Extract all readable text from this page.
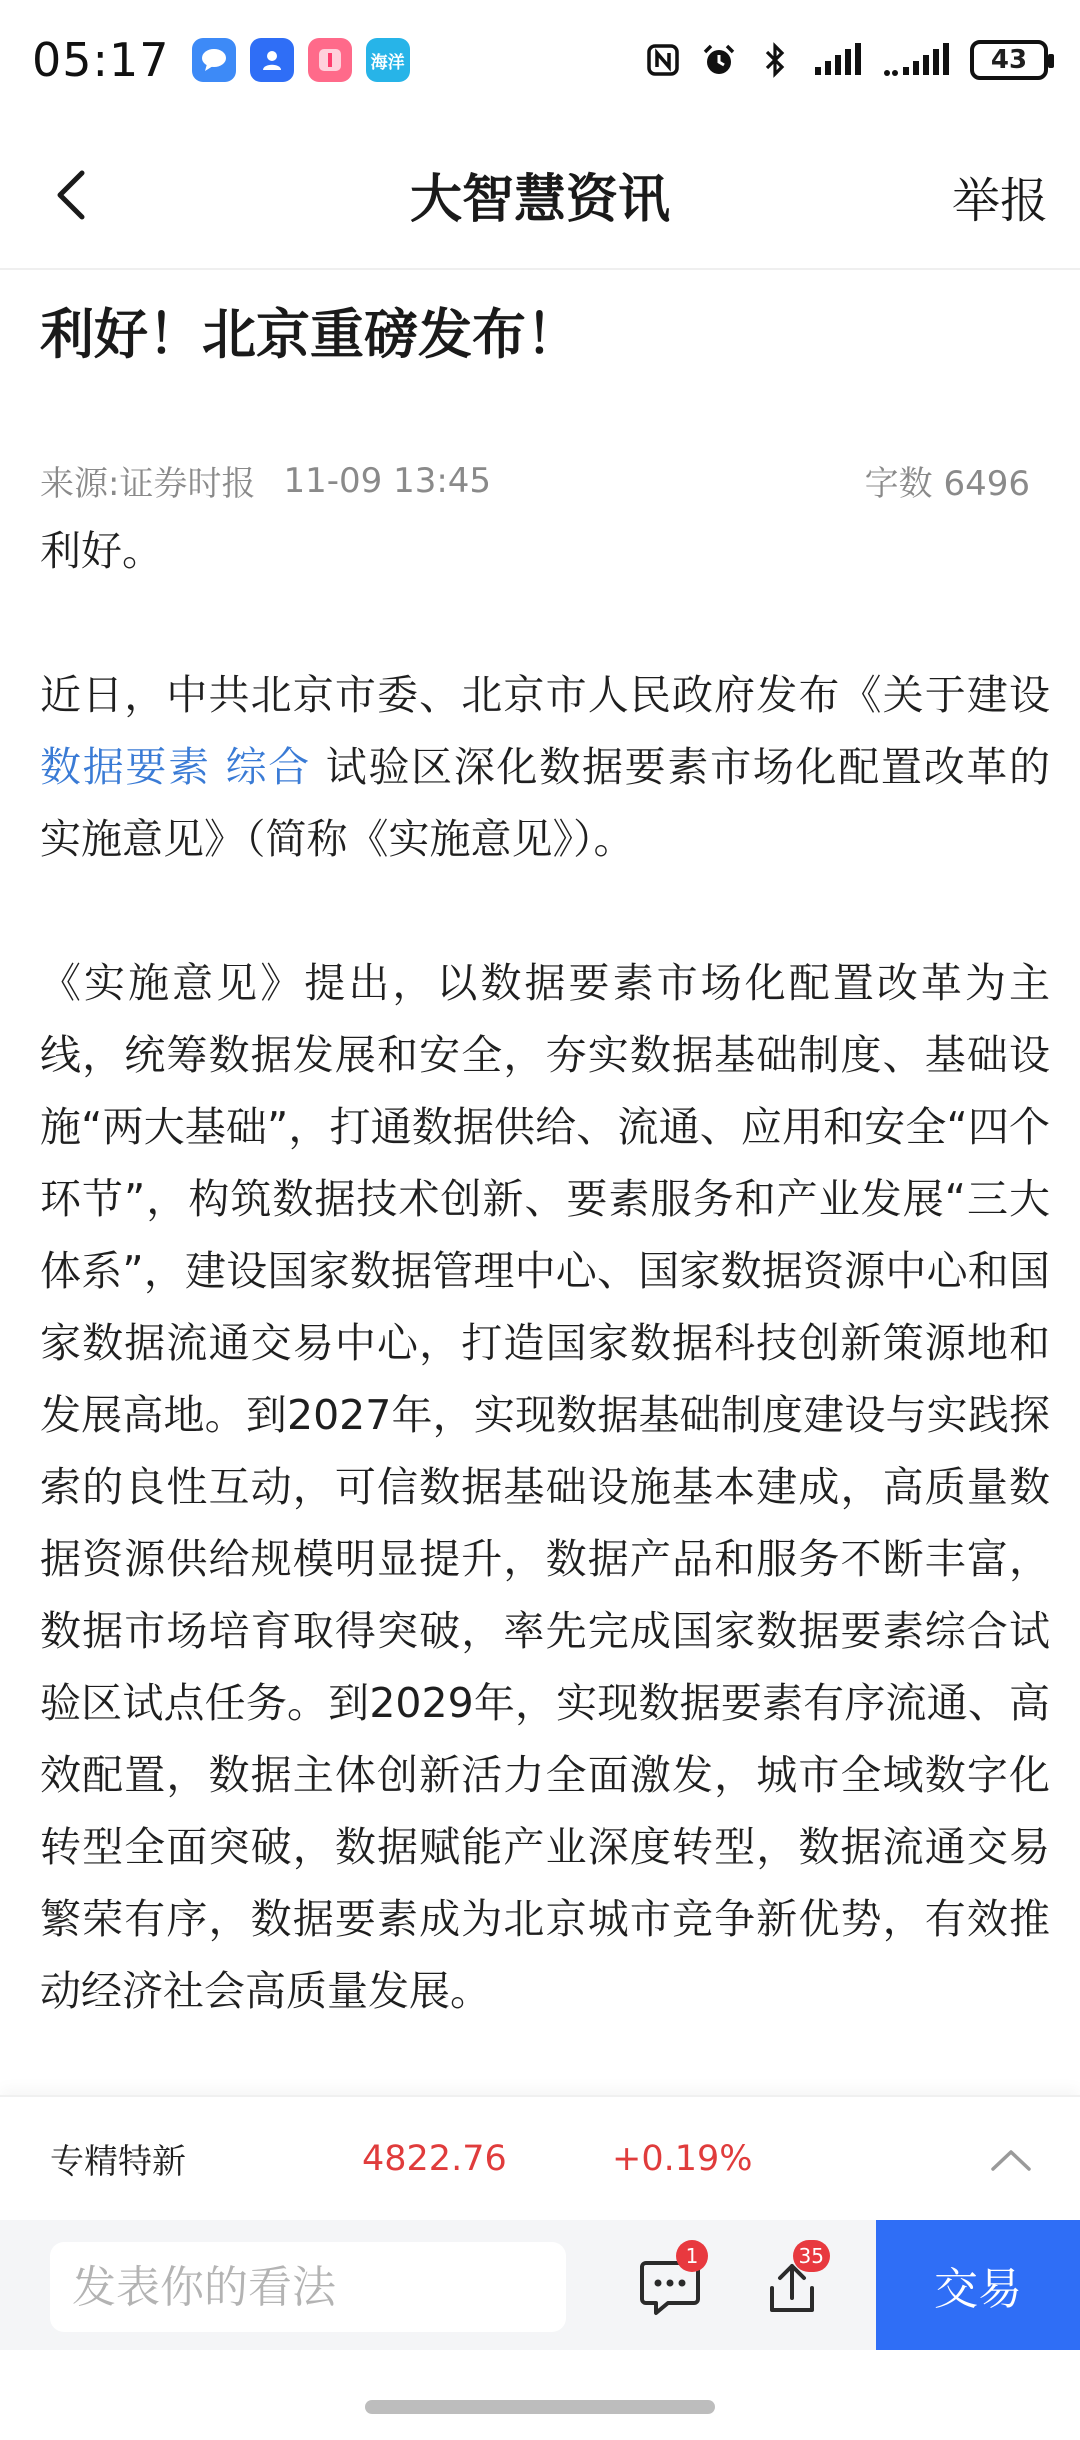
05:17	海洋	43
大智慧资讯	举报
利好！北京重磅发布！
来源:证券时报 11-09 13:45	字数 6496

利好。

近日，中共北京市委、北京市人民政府发布《关于建设 数据要素 综合 试验区深化数据要素市场化配置改革的实施意见》（简称《实施意见》）。

《实施意见》提出，以数据要素市场化配置改革为主线，统筹数据发展和安全，夯实数据基础制度、基础设施“两大基础”，打通数据供给、流通、应用和安全“四个环节”，构筑数据技术创新、要素服务和产业发展“三大体系”，建设国家数据管理中心、国家数据资源中心和国家数据流通交易中心，打造国家数据科技创新策源地和发展高地。到2027年，实现数据基础制度建设与实践探索的良性互动，可信数据基础设施基本建成，高质量数据资源供给规模明显提升，数据产品和服务不断丰富，数据市场培育取得突破，率先完成国家数据要素综合试验区试点任务。到2029年，实现数据要素有序流通、高效配置，数据主体创新活力全面激发，城市全域数字化转型全面突破，数据赋能产业深度转型，数据流通交易繁荣有序，数据要素成为北京城市竞争新优势，有效推动经济社会高质量发展。

专精特新	4822.76	+0.19%
发表你的看法
1	35
交易
